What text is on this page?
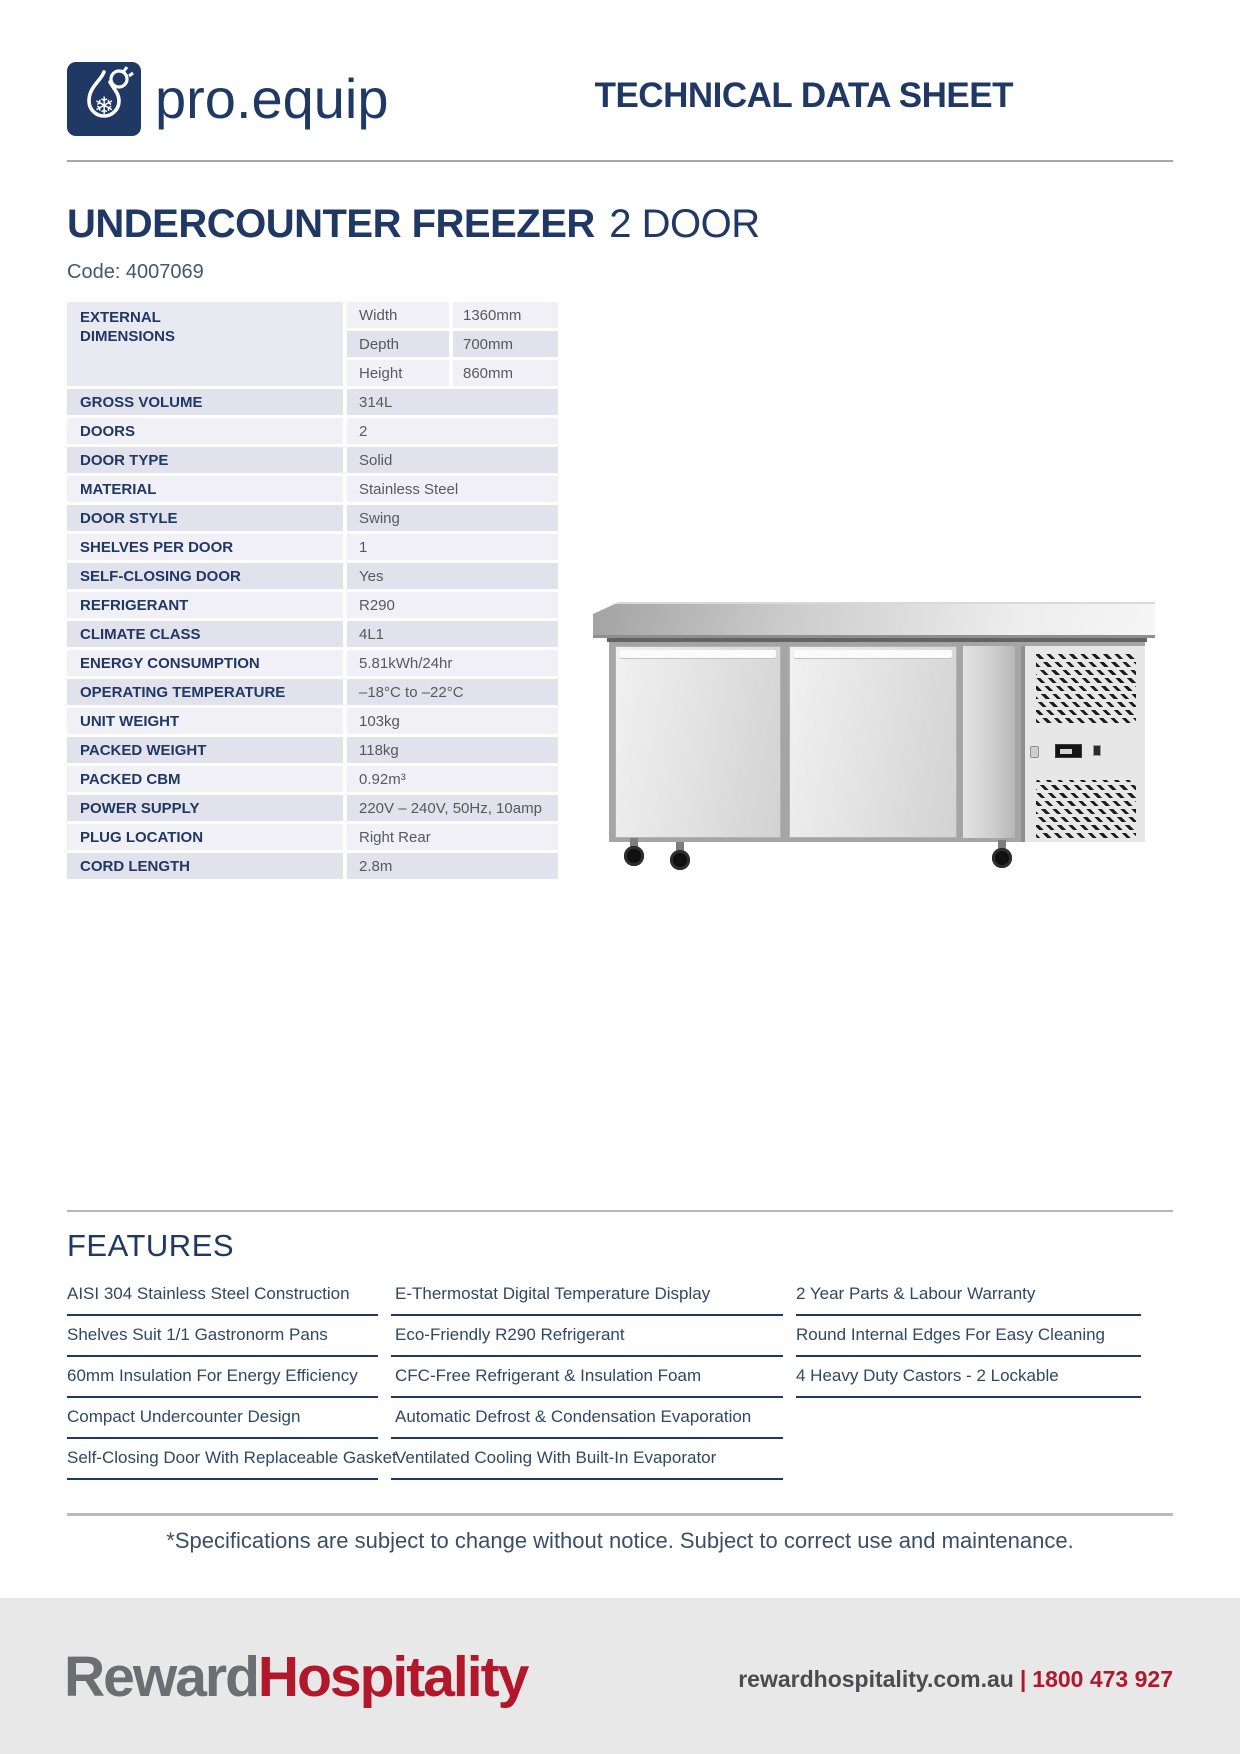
❄ pro.equip	TECHNICAL DATA SHEET
UNDERCOUNTER FREEZER 2 DOOR
Code: 4007069
EXTERNAL DIMENSIONS
Width	1360mm
Depth	700mm
Height	860mm
GROSS VOLUME	314L
DOORS	2
DOOR TYPE	Solid
MATERIAL	Stainless Steel
DOOR STYLE	Swing
SHELVES PER DOOR	1
SELF-CLOSING DOOR	Yes
REFRIGERANT	R290
CLIMATE CLASS	4L1
ENERGY CONSUMPTION	5.81kWh/24hr
OPERATING TEMPERATURE	–18°C to –22°C
UNIT WEIGHT	103kg
PACKED WEIGHT	118kg
PACKED CBM	0.92m³
POWER SUPPLY	220V – 240V, 50Hz, 10amp
PLUG LOCATION	Right Rear
CORD LENGTH	2.8m
FEATURES
AISI 304 Stainless Steel Construction
Shelves Suit 1/1 Gastronorm Pans
60mm Insulation For Energy Efficiency
Compact Undercounter Design
Self-Closing Door With Replaceable Gasket
E-Thermostat Digital Temperature Display
Eco-Friendly R290 Refrigerant
CFC-Free Refrigerant & Insulation Foam
Automatic Defrost & Condensation Evaporation
Ventilated Cooling With Built-In Evaporator
2 Year Parts & Labour Warranty
Round Internal Edges For Easy Cleaning
4 Heavy Duty Castors - 2 Lockable
*Specifications are subject to change without notice. Subject to correct use and maintenance.
RewardHospitality	rewardhospitality.com.au | 1800 473 927
